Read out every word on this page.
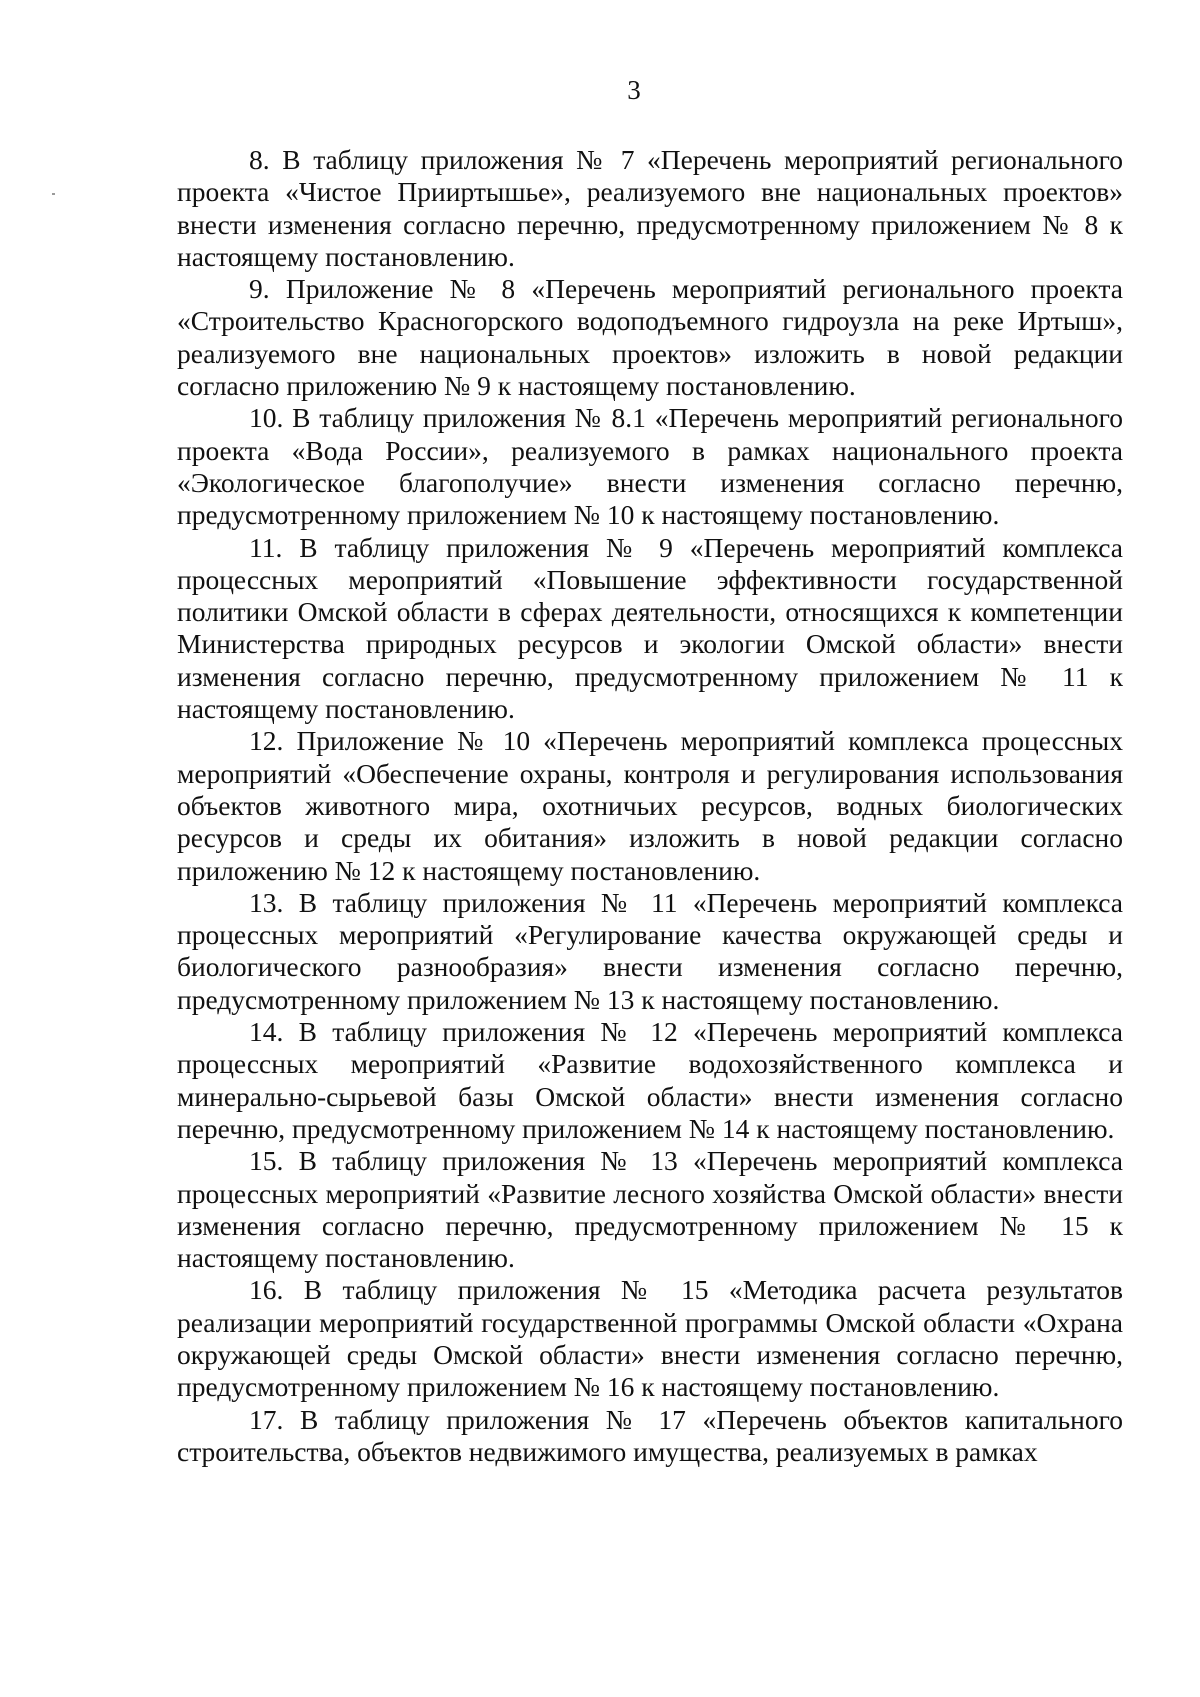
3

8. В таблицу приложения № 7 «Перечень мероприятий регионального проекта «Чистое Прииртышье», реализуемого вне национальных проектов» внести изменения согласно перечню, предусмотренному приложением № 8 к настоящему постановлению.

9. Приложение № 8 «Перечень мероприятий регионального проекта «Строительство Красногорского водоподъемного гидроузла на реке Иртыш», реализуемого вне национальных проектов» изложить в новой редакции согласно приложению № 9 к настоящему постановлению.

10. В таблицу приложения № 8.1 «Перечень мероприятий регионального проекта «Вода России», реализуемого в рамках национального проекта «Экологическое благополучие» внести изменения согласно перечню, предусмотренному приложением № 10 к настоящему постановлению.

11. В таблицу приложения № 9 «Перечень мероприятий комплекса процессных мероприятий «Повышение эффективности государственной политики Омской области в сферах деятельности, относящихся к компетенции Министерства природных ресурсов и экологии Омской области» внести изменения согласно перечню, предусмотренному приложением № 11 к настоящему постановлению.

12. Приложение № 10 «Перечень мероприятий комплекса процессных мероприятий «Обеспечение охраны, контроля и регулирования использования объектов животного мира, охотничьих ресурсов, водных биологических ресурсов и среды их обитания» изложить в новой редакции согласно приложению № 12 к настоящему постановлению.

13. В таблицу приложения № 11 «Перечень мероприятий комплекса процессных мероприятий «Регулирование качества окружающей среды и биологического разнообразия» внести изменения согласно перечню, предусмотренному приложением № 13 к настоящему постановлению.

14. В таблицу приложения № 12 «Перечень мероприятий комплекса процессных мероприятий «Развитие водохозяйственного комплекса и минерально-сырьевой базы Омской области» внести изменения согласно перечню, предусмотренному приложением № 14 к настоящему постановлению.

15. В таблицу приложения № 13 «Перечень мероприятий комплекса процессных мероприятий «Развитие лесного хозяйства Омской области» внести изменения согласно перечню, предусмотренному приложением № 15 к настоящему постановлению.

16. В таблицу приложения № 15 «Методика расчета результатов реализации мероприятий государственной программы Омской области «Охрана окружающей среды Омской области» внести изменения согласно перечню, предусмотренному приложением № 16 к настоящему постановлению.

17. В таблицу приложения № 17 «Перечень объектов капитального строительства, объектов недвижимого имущества, реализуемых в рамках
